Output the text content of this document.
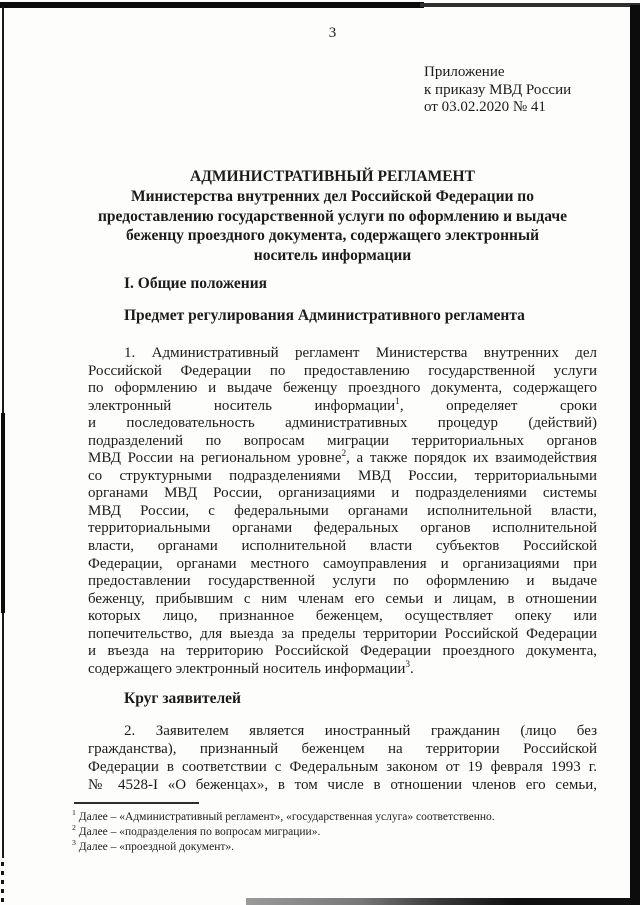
3
Приложение
к приказу МВД России
от 03.02.2020 № 41
АДМИНИСТРАТИВНЫЙ РЕГЛАМЕНТ
Министерства внутренних дел Российской Федерации по
предоставлению государственной услуги по оформлению и выдаче
беженцу проездного документа, содержащего электронный
носитель информации
I. Общие положения
Предмет регулирования Административного регламента
1. Административный регламент Министерства внутренних дел
Российской Федерации по предоставлению государственной услуги
по оформлению и выдаче беженцу проездного документа, содержащего
электронный носитель информации$^1$, определяет сроки
и последовательность административных процедур (действий)
подразделений по вопросам миграции территориальных органов
МВД России на региональном уровне$^2$, а также порядок их взаимодействия
со структурными подразделениями МВД России, территориальными
органами МВД России, организациями и подразделениями системы
МВД России, с федеральными органами исполнительной власти,
территориальными органами федеральных органов исполнительной
власти, органами исполнительной власти субъектов Российской
Федерации, органами местного самоуправления и организациями при
предоставлении государственной услуги по оформлению и выдаче
беженцу, прибывшим с ним членам его семьи и лицам, в отношении
которых лицо, признанное беженцем, осуществляет опеку или
попечительство, для выезда за пределы территории Российской Федерации
и въезда на территорию Российской Федерации проездного документа,
содержащего электронный носитель информации$^3$.
Круг заявителей
2. Заявителем является иностранный гражданин (лицо без
гражданства), признанный беженцем на территории Российской
Федерации в соответствии с Федеральным законом от 19 февраля 1993 г.
№ 4528-I «О беженцах», в том числе в отношении членов его семьи,
$^1$ Далее – «Административный регламент», «государственная услуга» соответственно.
$^2$ Далее – «подразделения по вопросам миграции».
$^3$ Далее – «проездной документ».
